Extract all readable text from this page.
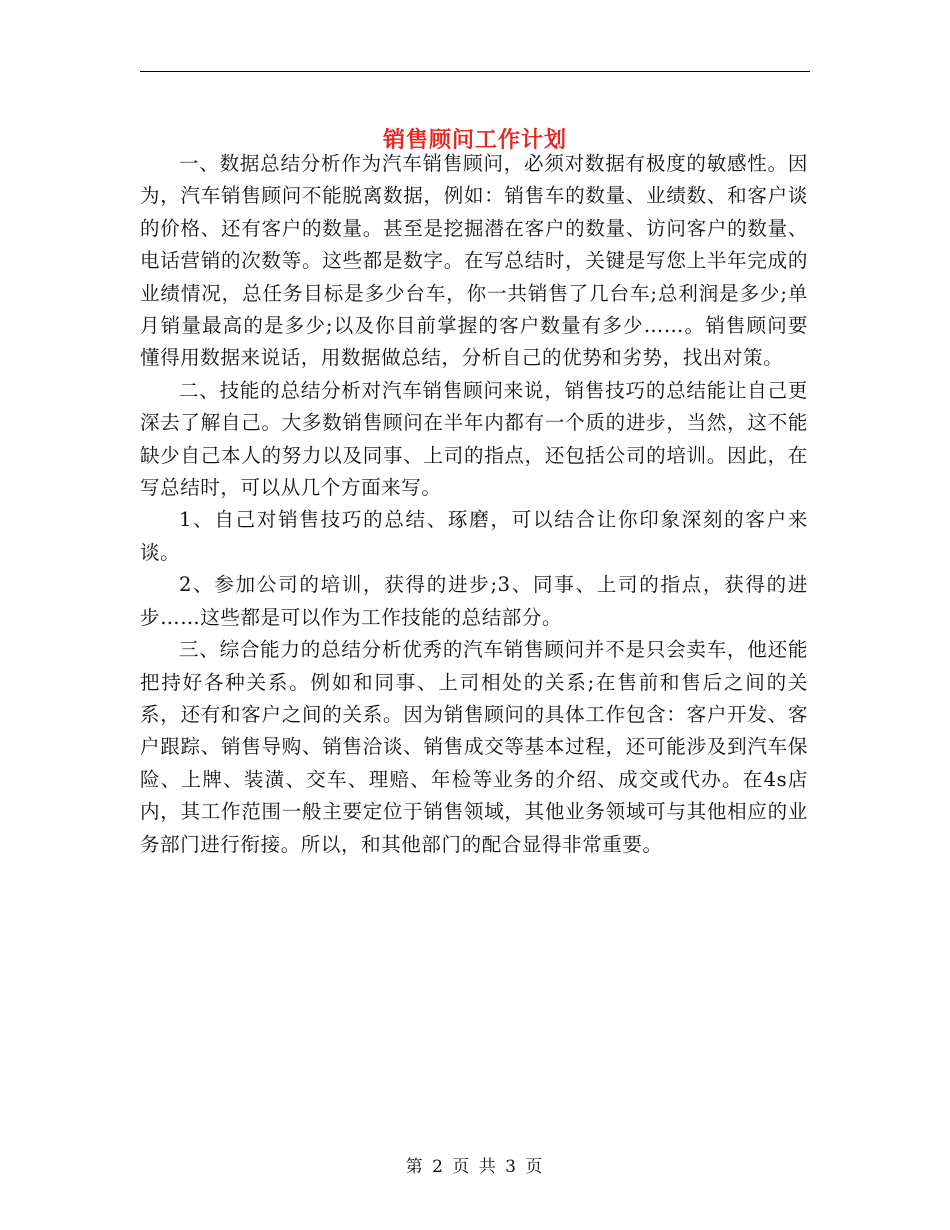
销售顾问工作计划

一、数据总结分析作为汽车销售顾问，必须对数据有极度的敏感性。因为，汽车销售顾问不能脱离数据，例如：销售车的数量、业绩数、和客户谈的价格、还有客户的数量。甚至是挖掘潜在客户的数量、访问客户的数量、电话营销的次数等。这些都是数字。在写总结时，关键是写您上半年完成的业绩情况，总任务目标是多少台车，你一共销售了几台车;总利润是多少;单月销量最高的是多少;以及你目前掌握的客户数量有多少……。销售顾问要懂得用数据来说话，用数据做总结，分析自己的优势和劣势，找出对策。

二、技能的总结分析对汽车销售顾问来说，销售技巧的总结能让自己更深去了解自己。大多数销售顾问在半年内都有一个质的进步，当然，这不能缺少自己本人的努力以及同事、上司的指点，还包括公司的培训。因此，在写总结时，可以从几个方面来写。

1、自己对销售技巧的总结、琢磨，可以结合让你印象深刻的客户来谈。

2、参加公司的培训，获得的进步;3、同事、上司的指点，获得的进步……这些都是可以作为工作技能的总结部分。

三、综合能力的总结分析优秀的汽车销售顾问并不是只会卖车，他还能把持好各种关系。例如和同事、上司相处的关系;在售前和售后之间的关系，还有和客户之间的关系。因为销售顾问的具体工作包含：客户开发、客户跟踪、销售导购、销售洽谈、销售成交等基本过程，还可能涉及到汽车保险、上牌、装潢、交车、理赔、年检等业务的介绍、成交或代办。在4s店内，其工作范围一般主要定位于销售领域，其他业务领域可与其他相应的业务部门进行衔接。所以，和其他部门的配合显得非常重要。

第 2 页 共 3 页
